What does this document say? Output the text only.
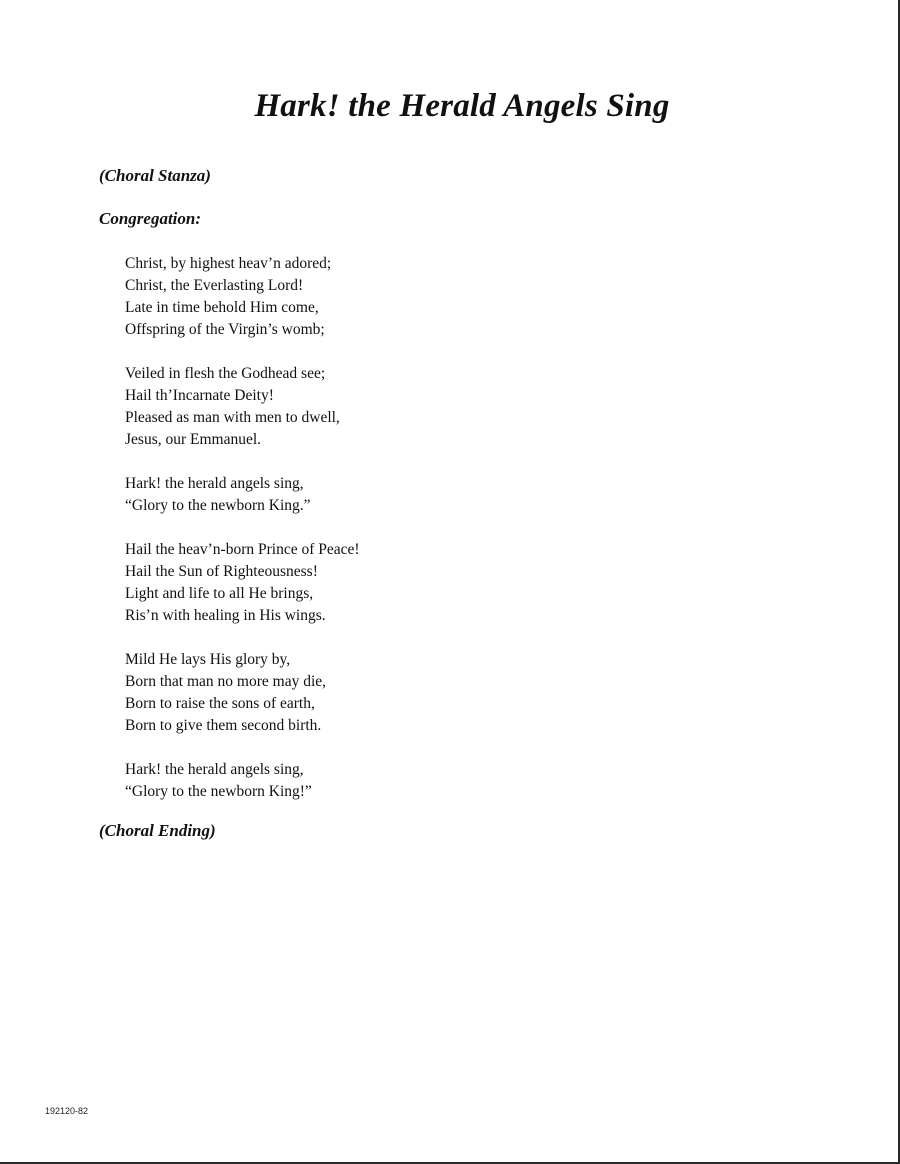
Hark! the Herald Angels Sing

(Choral Stanza)

Congregation:

Christ, by highest heav’n adored;
Christ, the Everlasting Lord!
Late in time behold Him come,
Offspring of the Virgin’s womb;
Veiled in flesh the Godhead see;
Hail th’Incarnate Deity!
Pleased as man with men to dwell,
Jesus, our Emmanuel.
Hark! the herald angels sing,
“Glory to the newborn King.”
Hail the heav’n-born Prince of Peace!
Hail the Sun of Righteousness!
Light and life to all He brings,
Ris’n with healing in His wings.
Mild He lays His glory by,
Born that man no more may die,
Born to raise the sons of earth,
Born to give them second birth.
Hark! the herald angels sing,
“Glory to the newborn King!”

(Choral Ending)

192120-82
